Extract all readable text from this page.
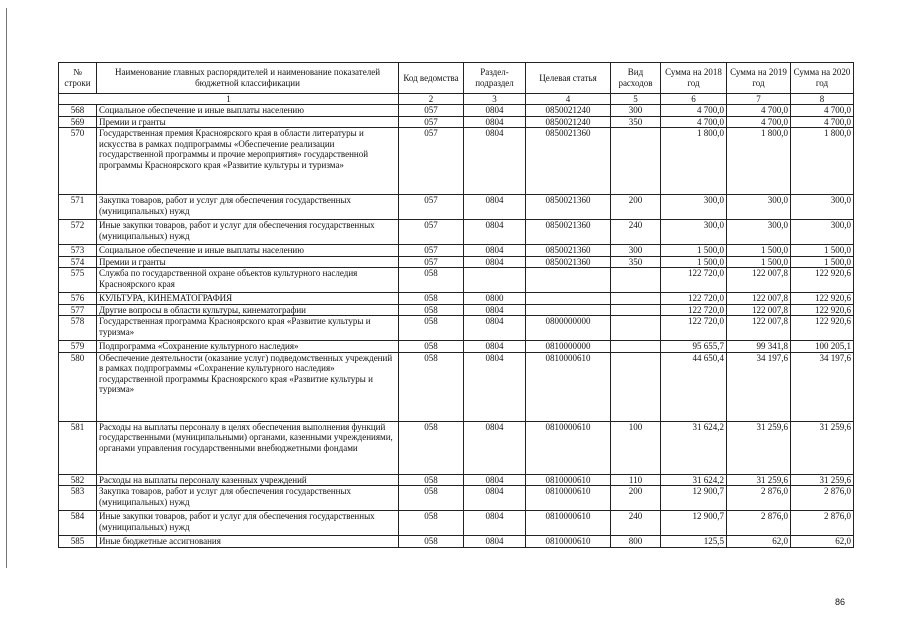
№ строки	Наименование главных распорядителей и наименование показателей бюджетной классификации	Код ведомства	Раздел-подраздел	Целевая статья	Вид расходов	Сумма на 2018 год	Сумма на 2019 год	Сумма на 2020 год
1		2	3	4	5	6	7	8
568	Социальное обеспечение и иные выплаты населению	057	0804	0850021240	300	4 700,0	4 700,0	4 700,0
569	Премии и гранты	057	0804	0850021240	350	4 700,0	4 700,0	4 700,0
570	Государственная премия Красноярского края в области литературы и искусства в рамках подпрограммы «Обеспечение реализации государственной программы и прочие мероприятия» государственной программы Красноярского края «Развитие культуры и туризма»	057	0804	0850021360		1 800,0	1 800,0	1 800,0
571	Закупка товаров, работ и услуг для обеспечения государственных (муниципальных) нужд	057	0804	0850021360	200	300,0	300,0	300,0
572	Иные закупки товаров, работ и услуг для обеспечения государственных (муниципальных) нужд	057	0804	0850021360	240	300,0	300,0	300,0
573	Социальное обеспечение и иные выплаты населению	057	0804	0850021360	300	1 500,0	1 500,0	1 500,0
574	Премии и гранты	057	0804	0850021360	350	1 500,0	1 500,0	1 500,0
575	Служба по государственной охране объектов культурного наследия Красноярского края	058				122 720,0	122 007,8	122 920,6
576	КУЛЬТУРА, КИНЕМАТОГРАФИЯ	058	0800			122 720,0	122 007,8	122 920,6
577	Другие вопросы в области культуры, кинематографии	058	0804			122 720,0	122 007,8	122 920,6
578	Государственная программа Красноярского края «Развитие культуры и туризма»	058	0804	0800000000		122 720,0	122 007,8	122 920,6
579	Подпрограмма «Сохранение культурного наследия»	058	0804	0810000000		95 655,7	99 341,8	100 205,1
580	Обеспечение деятельности (оказание услуг) подведомственных учреждений в рамках подпрограммы «Сохранение культурного наследия» государственной программы Красноярского края «Развитие культуры и туризма»	058	0804	0810000610		44 650,4	34 197,6	34 197,6
581	Расходы на выплаты персоналу в целях обеспечения выполнения функций государственными (муниципальными) органами, казенными учреждениями, органами управления государственными внебюджетными фондами	058	0804	0810000610	100	31 624,2	31 259,6	31 259,6
582	Расходы на выплаты персоналу казенных учреждений	058	0804	0810000610	110	31 624,2	31 259,6	31 259,6
583	Закупка товаров, работ и услуг для обеспечения государственных (муниципальных) нужд	058	0804	0810000610	200	12 900,7	2 876,0	2 876,0
584	Иные закупки товаров, работ и услуг для обеспечения государственных (муниципальных) нужд	058	0804	0810000610	240	12 900,7	2 876,0	2 876,0
585	Иные бюджетные ассигнования	058	0804	0810000610	800	125,5	62,0	62,0
86
